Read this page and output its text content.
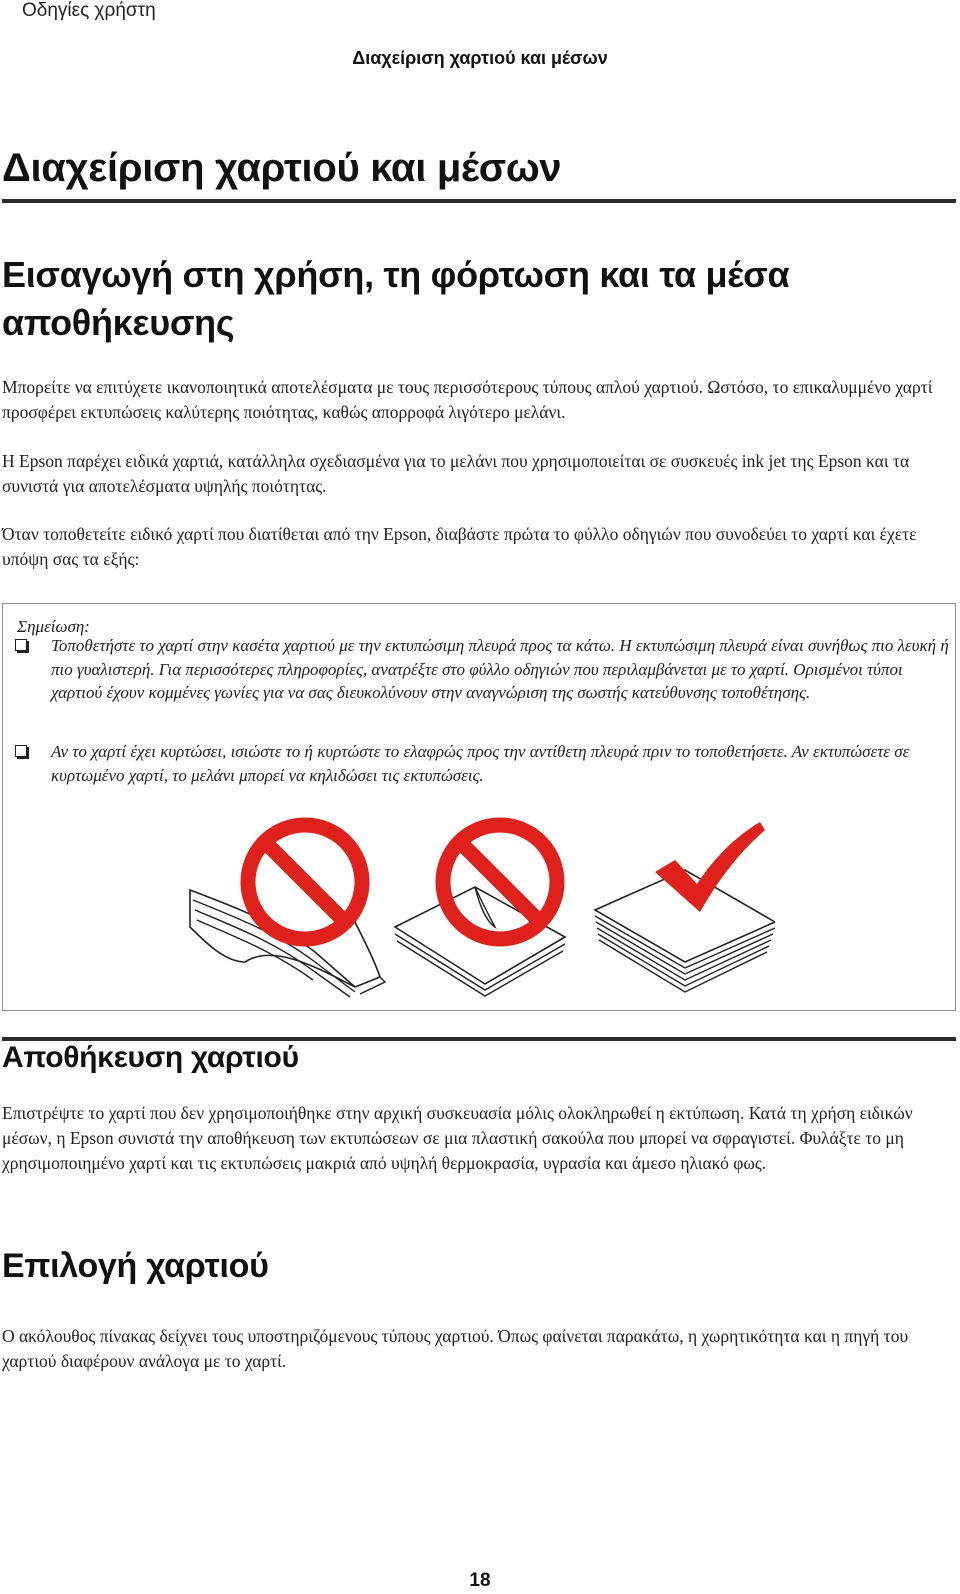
Οδηγίες χρήστη
Διαχείριση χαρτιού και μέσων
Διαχείριση χαρτιού και μέσων
Εισαγωγή στη χρήση, τη φόρτωση και τα μέσα αποθήκευσης
Μπορείτε να επιτύχετε ικανοποιητικά αποτελέσματα με τους περισσότερους τύπους απλού χαρτιού. Ωστόσο, το επικαλυμμένο χαρτί προσφέρει εκτυπώσεις καλύτερης ποιότητας, καθώς απορροφά λιγότερο μελάνι.
Η Epson παρέχει ειδικά χαρτιά, κατάλληλα σχεδιασμένα για το μελάνι που χρησιμοποιείται σε συσκευές ink jet της Epson και τα συνιστά για αποτελέσματα υψηλής ποιότητας.
Όταν τοποθετείτε ειδικό χαρτί που διατίθεται από την Epson, διαβάστε πρώτα το φύλλο οδηγιών που συνοδεύει το χαρτί και έχετε υπόψη σας τα εξής:
Σημείωση:
Τοποθετήστε το χαρτί στην κασέτα χαρτιού με την εκτυπώσιμη πλευρά προς τα κάτω. Η εκτυπώσιμη πλευρά είναι συνήθως πιο λευκή ή πιο γυαλιστερή. Για περισσότερες πληροφορίες, ανατρέξτε στο φύλλο οδηγιών που περιλαμβάνεται με το χαρτί. Ορισμένοι τύποι χαρτιού έχουν κομμένες γωνίες για να σας διευκολύνουν στην αναγνώριση της σωστής κατεύθυνσης τοποθέτησης.
Αν το χαρτί έχει κυρτώσει, ισιώστε το ή κυρτώστε το ελαφρώς προς την αντίθετη πλευρά πριν το τοποθετήσετε. Αν εκτυπώσετε σε κυρτωμένο χαρτί, το μελάνι μπορεί να κηλιδώσει τις εκτυπώσεις.
Αποθήκευση χαρτιού
Επιστρέψτε το χαρτί που δεν χρησιμοποιήθηκε στην αρχική συσκευασία μόλις ολοκληρωθεί η εκτύπωση. Κατά τη χρήση ειδικών μέσων, η Epson συνιστά την αποθήκευση των εκτυπώσεων σε μια πλαστική σακούλα που μπορεί να σφραγιστεί. Φυλάξτε το μη χρησιμοποιημένο χαρτί και τις εκτυπώσεις μακριά από υψηλή θερμοκρασία, υγρασία και άμεσο ηλιακό φως.
Επιλογή χαρτιού
Ο ακόλουθος πίνακας δείχνει τους υποστηριζόμενους τύπους χαρτιού. Όπως φαίνεται παρακάτω, η χωρητικότητα και η πηγή του χαρτιού διαφέρουν ανάλογα με το χαρτί.
18
